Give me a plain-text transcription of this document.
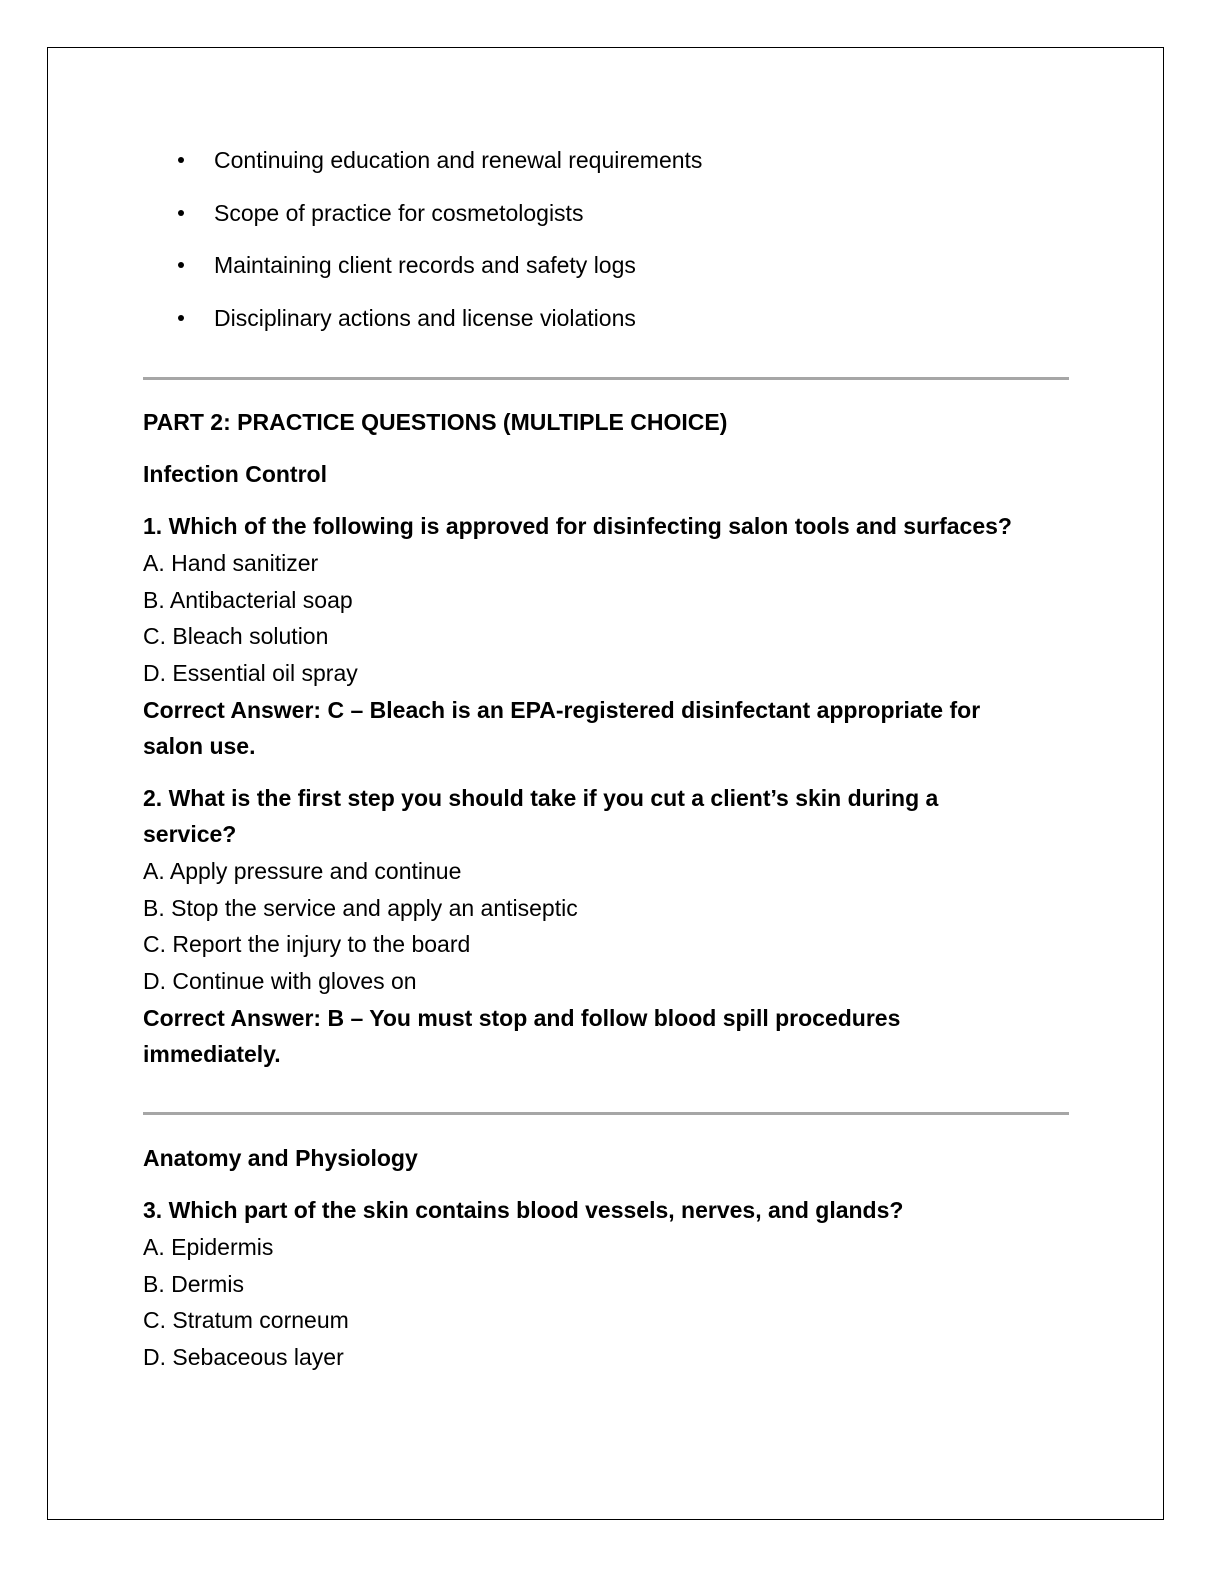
Continuing education and renewal requirements
Scope of practice for cosmetologists
Maintaining client records and safety logs
Disciplinary actions and license violations
PART 2: PRACTICE QUESTIONS (MULTIPLE CHOICE)
Infection Control
1. Which of the following is approved for disinfecting salon tools and surfaces?
A. Hand sanitizer
B. Antibacterial soap
C. Bleach solution
D. Essential oil spray
Correct Answer: C – Bleach is an EPA-registered disinfectant appropriate for
salon use.
2. What is the first step you should take if you cut a client’s skin during a
service?
A. Apply pressure and continue
B. Stop the service and apply an antiseptic
C. Report the injury to the board
D. Continue with gloves on
Correct Answer: B – You must stop and follow blood spill procedures
immediately.
Anatomy and Physiology
3. Which part of the skin contains blood vessels, nerves, and glands?
A. Epidermis
B. Dermis
C. Stratum corneum
D. Sebaceous layer
